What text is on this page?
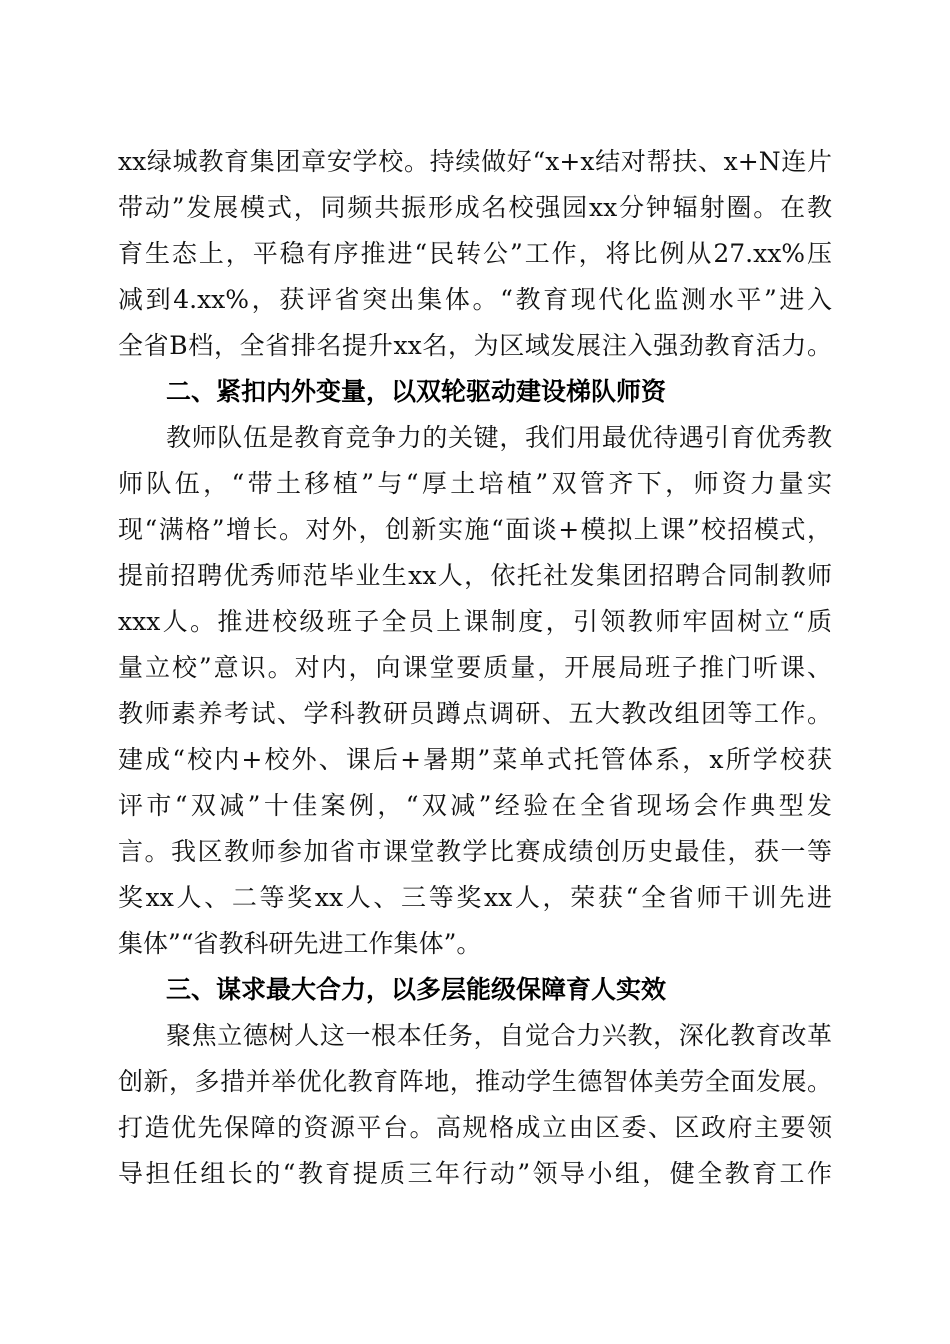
xx绿城教育集团章安学校。持续做好“x+x结对帮扶、x+N连片
带动”发展模式，同频共振形成名校强园xx分钟辐射圈。在教
育生态上，平稳有序推进“民转公”工作，将比例从27.xx%压
减到4.xx%，获评省突出集体。“教育现代化监测水平”进入
全省B档，全省排名提升xx名，为区域发展注入强劲教育活力。
二、紧扣内外变量，以双轮驱动建设梯队师资
教师队伍是教育竞争力的关键，我们用最优待遇引育优秀教
师队伍，“带土移植”与“厚土培植”双管齐下，师资力量实
现“满格”增长。对外，创新实施“面谈+模拟上课”校招模式，
提前招聘优秀师范毕业生xx人，依托社发集团招聘合同制教师
xxx人。推进校级班子全员上课制度，引领教师牢固树立“质
量立校”意识。对内，向课堂要质量，开展局班子推门听课、
教师素养考试、学科教研员蹲点调研、五大教改组团等工作。
建成“校内+校外、课后+暑期”菜单式托管体系，x所学校获
评市“双减”十佳案例，“双减”经验在全省现场会作典型发
言。我区教师参加省市课堂教学比赛成绩创历史最佳，获一等
奖xx人、二等奖xx人、三等奖xx人，荣获“全省师干训先进
集体”“省教科研先进工作集体”。
三、谋求最大合力，以多层能级保障育人实效
聚焦立德树人这一根本任务，自觉合力兴教，深化教育改革
创新，多措并举优化教育阵地，推动学生德智体美劳全面发展。
打造优先保障的资源平台。高规格成立由区委、区政府主要领
导担任组长的“教育提质三年行动”领导小组，健全教育工作
